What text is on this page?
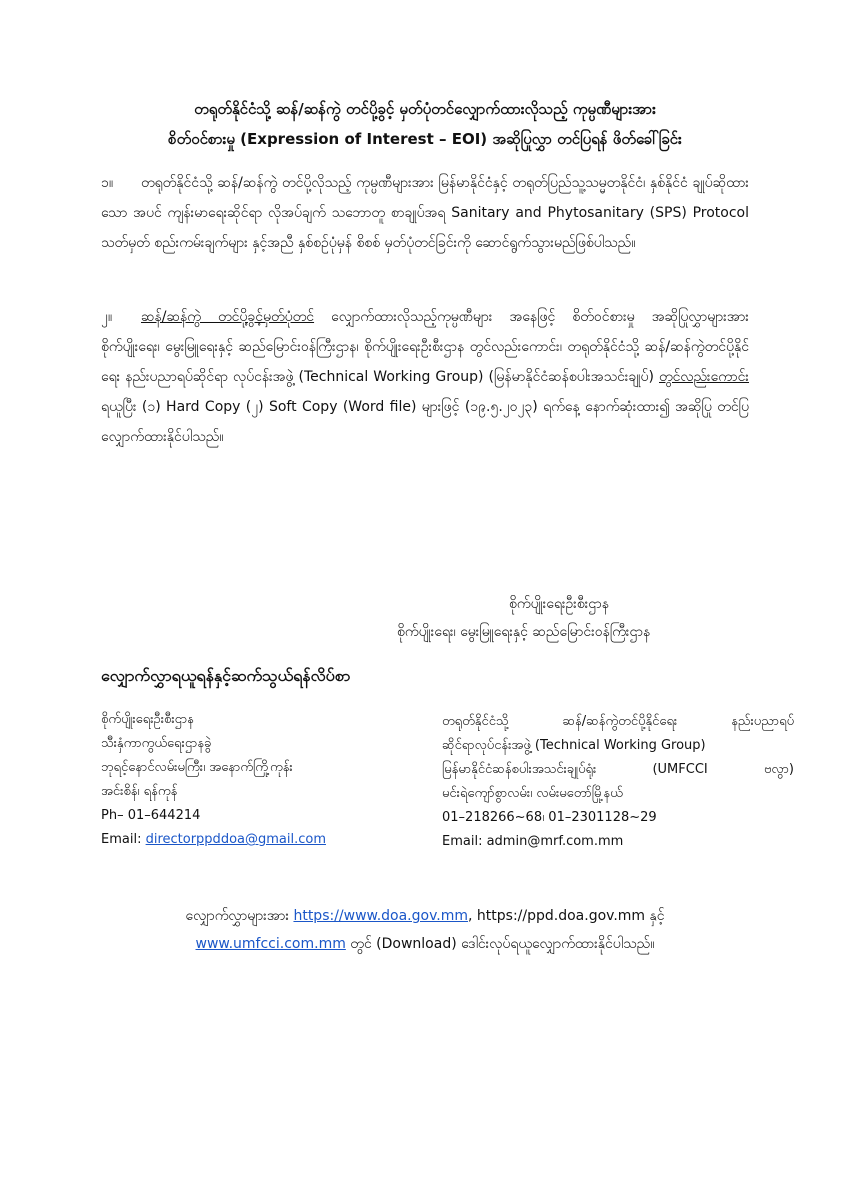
တရုတ်နိုင်ငံသို့ ဆန်/ဆန်ကွဲ တင်ပို့ခွင့် မှတ်ပုံတင်လျှောက်ထားလိုသည့် ကုမ္ပဏီများအား
စိတ်ဝင်စားမှု (Expression of Interest – EOI) အဆိုပြုလွှာ တင်ပြရန် ဖိတ်ခေါ်ခြင်း
၁။ တရုတ်နိုင်ငံသို့ ဆန်/ဆန်ကွဲ တင်ပို့လိုသည့် ကုမ္ပဏီများအား မြန်မာနိုင်ငံနှင့် တရုတ်ပြည်သူ့သမ္မတနိုင်ငံ၊ နှစ်နိုင်ငံ ချုပ်ဆိုထားသော အပင် ကျန်းမာရေးဆိုင်ရာ လိုအပ်ချက် သဘောတူ စာချုပ်အရ Sanitary and Phytosanitary (SPS) Protocol သတ်မှတ် စည်းကမ်းချက်များ နှင့်အညီ နှစ်စဉ်ပုံမှန် စိစစ် မှတ်ပုံတင်ခြင်းကို ဆောင်ရွက်သွားမည်ဖြစ်ပါသည်။
၂။ ဆန်/ဆန်ကွဲ တင်ပို့ခွင့်မှတ်ပုံတင် လျှောက်ထားလိုသည့်ကုမ္ပဏီများ အနေဖြင့် စိတ်ဝင်စားမှု အဆိုပြုလွှာများအား စိုက်ပျိုးရေး၊ မွေးမြူရေးနှင့် ဆည်မြောင်းဝန်ကြီးဌာန၊ စိုက်ပျိုးရေးဦးစီးဌာန တွင်လည်းကောင်း၊ တရုတ်နိုင်ငံသို့ ဆန်/ဆန်ကွဲတင်ပို့နိုင်ရေး နည်းပညာရပ်ဆိုင်ရာ လုပ်ငန်းအဖွဲ့ (Technical Working Group) (မြန်မာနိုင်ငံဆန်စပါးအသင်းချုပ်) တွင်လည်းကောင်း ရယူပြီး (၁) Hard Copy (၂) Soft Copy (Word file) များဖြင့် (၁၉.၅.၂၀၂၃) ရက်နေ့ နောက်ဆုံးထား၍ အဆိုပြု တင်ပြလျှောက်ထားနိုင်ပါသည်။
စိုက်ပျိုးရေးဦးစီးဌာန
စိုက်ပျိုးရေး၊ မွေးမြူရေးနှင့် ဆည်မြောင်းဝန်ကြီးဌာန
လျှောက်လွှာရယူရန်နှင့်ဆက်သွယ်ရန်လိပ်စာ
စိုက်ပျိုးရေးဦးစီးဌာန
သီးနှံကာကွယ်ရေးဌာနခွဲ
ဘုရင့်နောင်လမ်းမကြီး၊ အနောက်ကြို့ကုန်း
အင်းစိန်၊ ရန်ကုန်
Ph– 01–644214
Email: directorppddoa@gmail.com
တရုတ်နိုင်ငံသို့ ဆန်/ဆန်ကွဲတင်ပို့နိုင်ရေး နည်းပညာရပ်
ဆိုင်ရာလုပ်ငန်းအဖွဲ့ (Technical Working Group)
မြန်မာနိုင်ငံဆန်စပါးအသင်းချုပ်ရုံး (UMFCCI ဗလွာ)
မင်းရဲကျော်စွာလမ်း၊ လမ်းမတော်မြို့နယ်
01–218266~68၊ 01–2301128~29
Email: admin@mrf.com.mm
လျှောက်လွှာများအား https://www.doa.gov.mm, https://ppd.doa.gov.mm နှင့်
www.umfcci.com.mm တွင် (Download) ဒေါင်းလုပ်ရယူလျှောက်ထားနိုင်ပါသည်။
